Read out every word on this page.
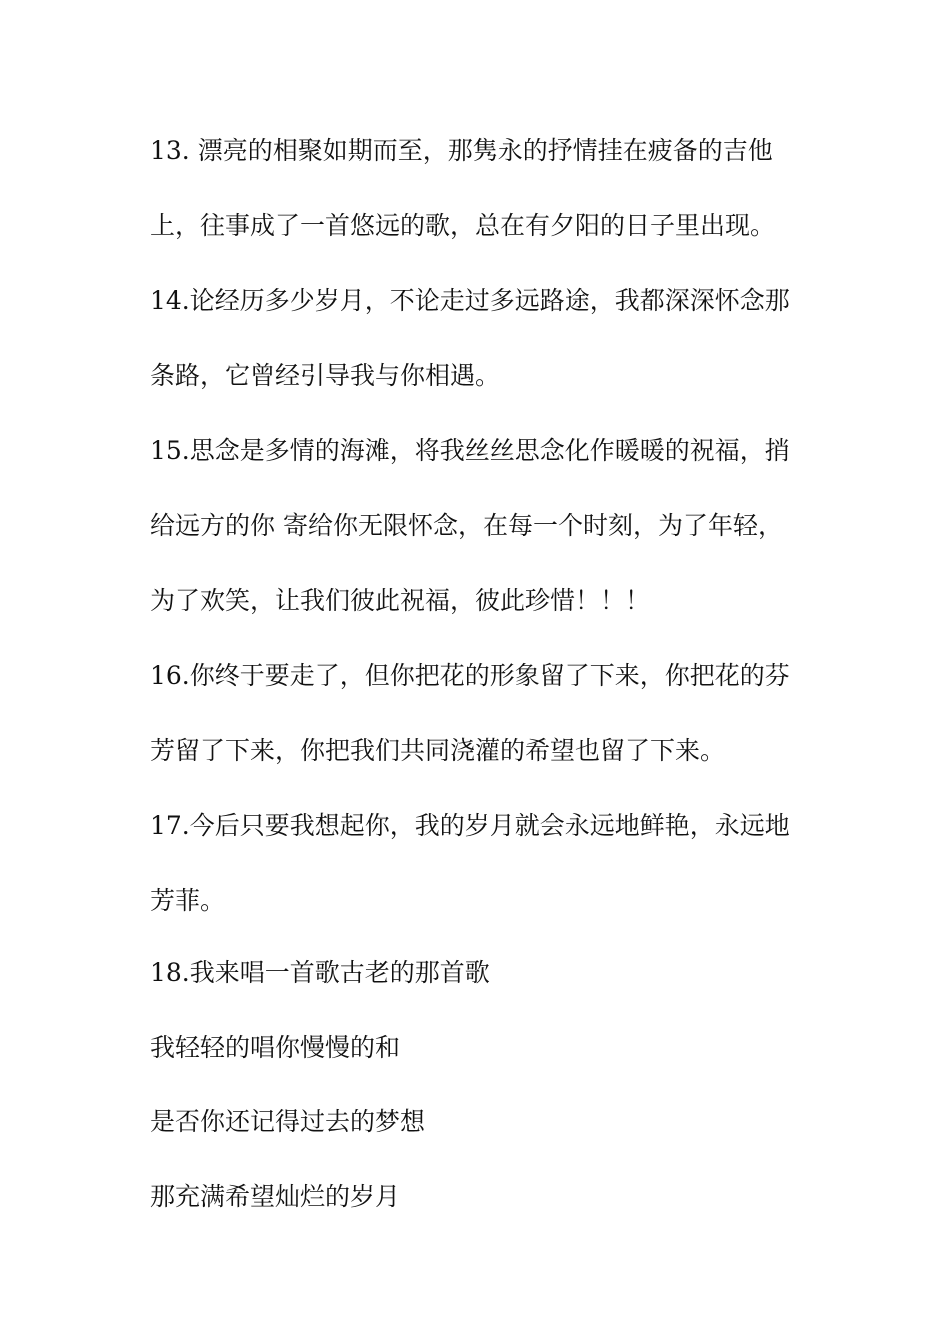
13. 漂亮的相聚如期而至，那隽永的抒情挂在疲备的吉他
上，往事成了一首悠远的歌，总在有夕阳的日子里出现。
14.论经历多少岁月，不论走过多远路途，我都深深怀念那
条路，它曾经引导我与你相遇。
15.思念是多情的海滩，将我丝丝思念化作暖暖的祝福，捎
给远方的你 寄给你无限怀念，在每一个时刻，为了年轻，
为了欢笑，让我们彼此祝福，彼此珍惜！！！
16.你终于要走了，但你把花的形象留了下来，你把花的芬
芳留了下来，你把我们共同浇灌的希望也留了下来。
17.今后只要我想起你，我的岁月就会永远地鲜艳，永远地
芳菲。
18.我来唱一首歌古老的那首歌
我轻轻的唱你慢慢的和
是否你还记得过去的梦想
那充满希望灿烂的岁月
